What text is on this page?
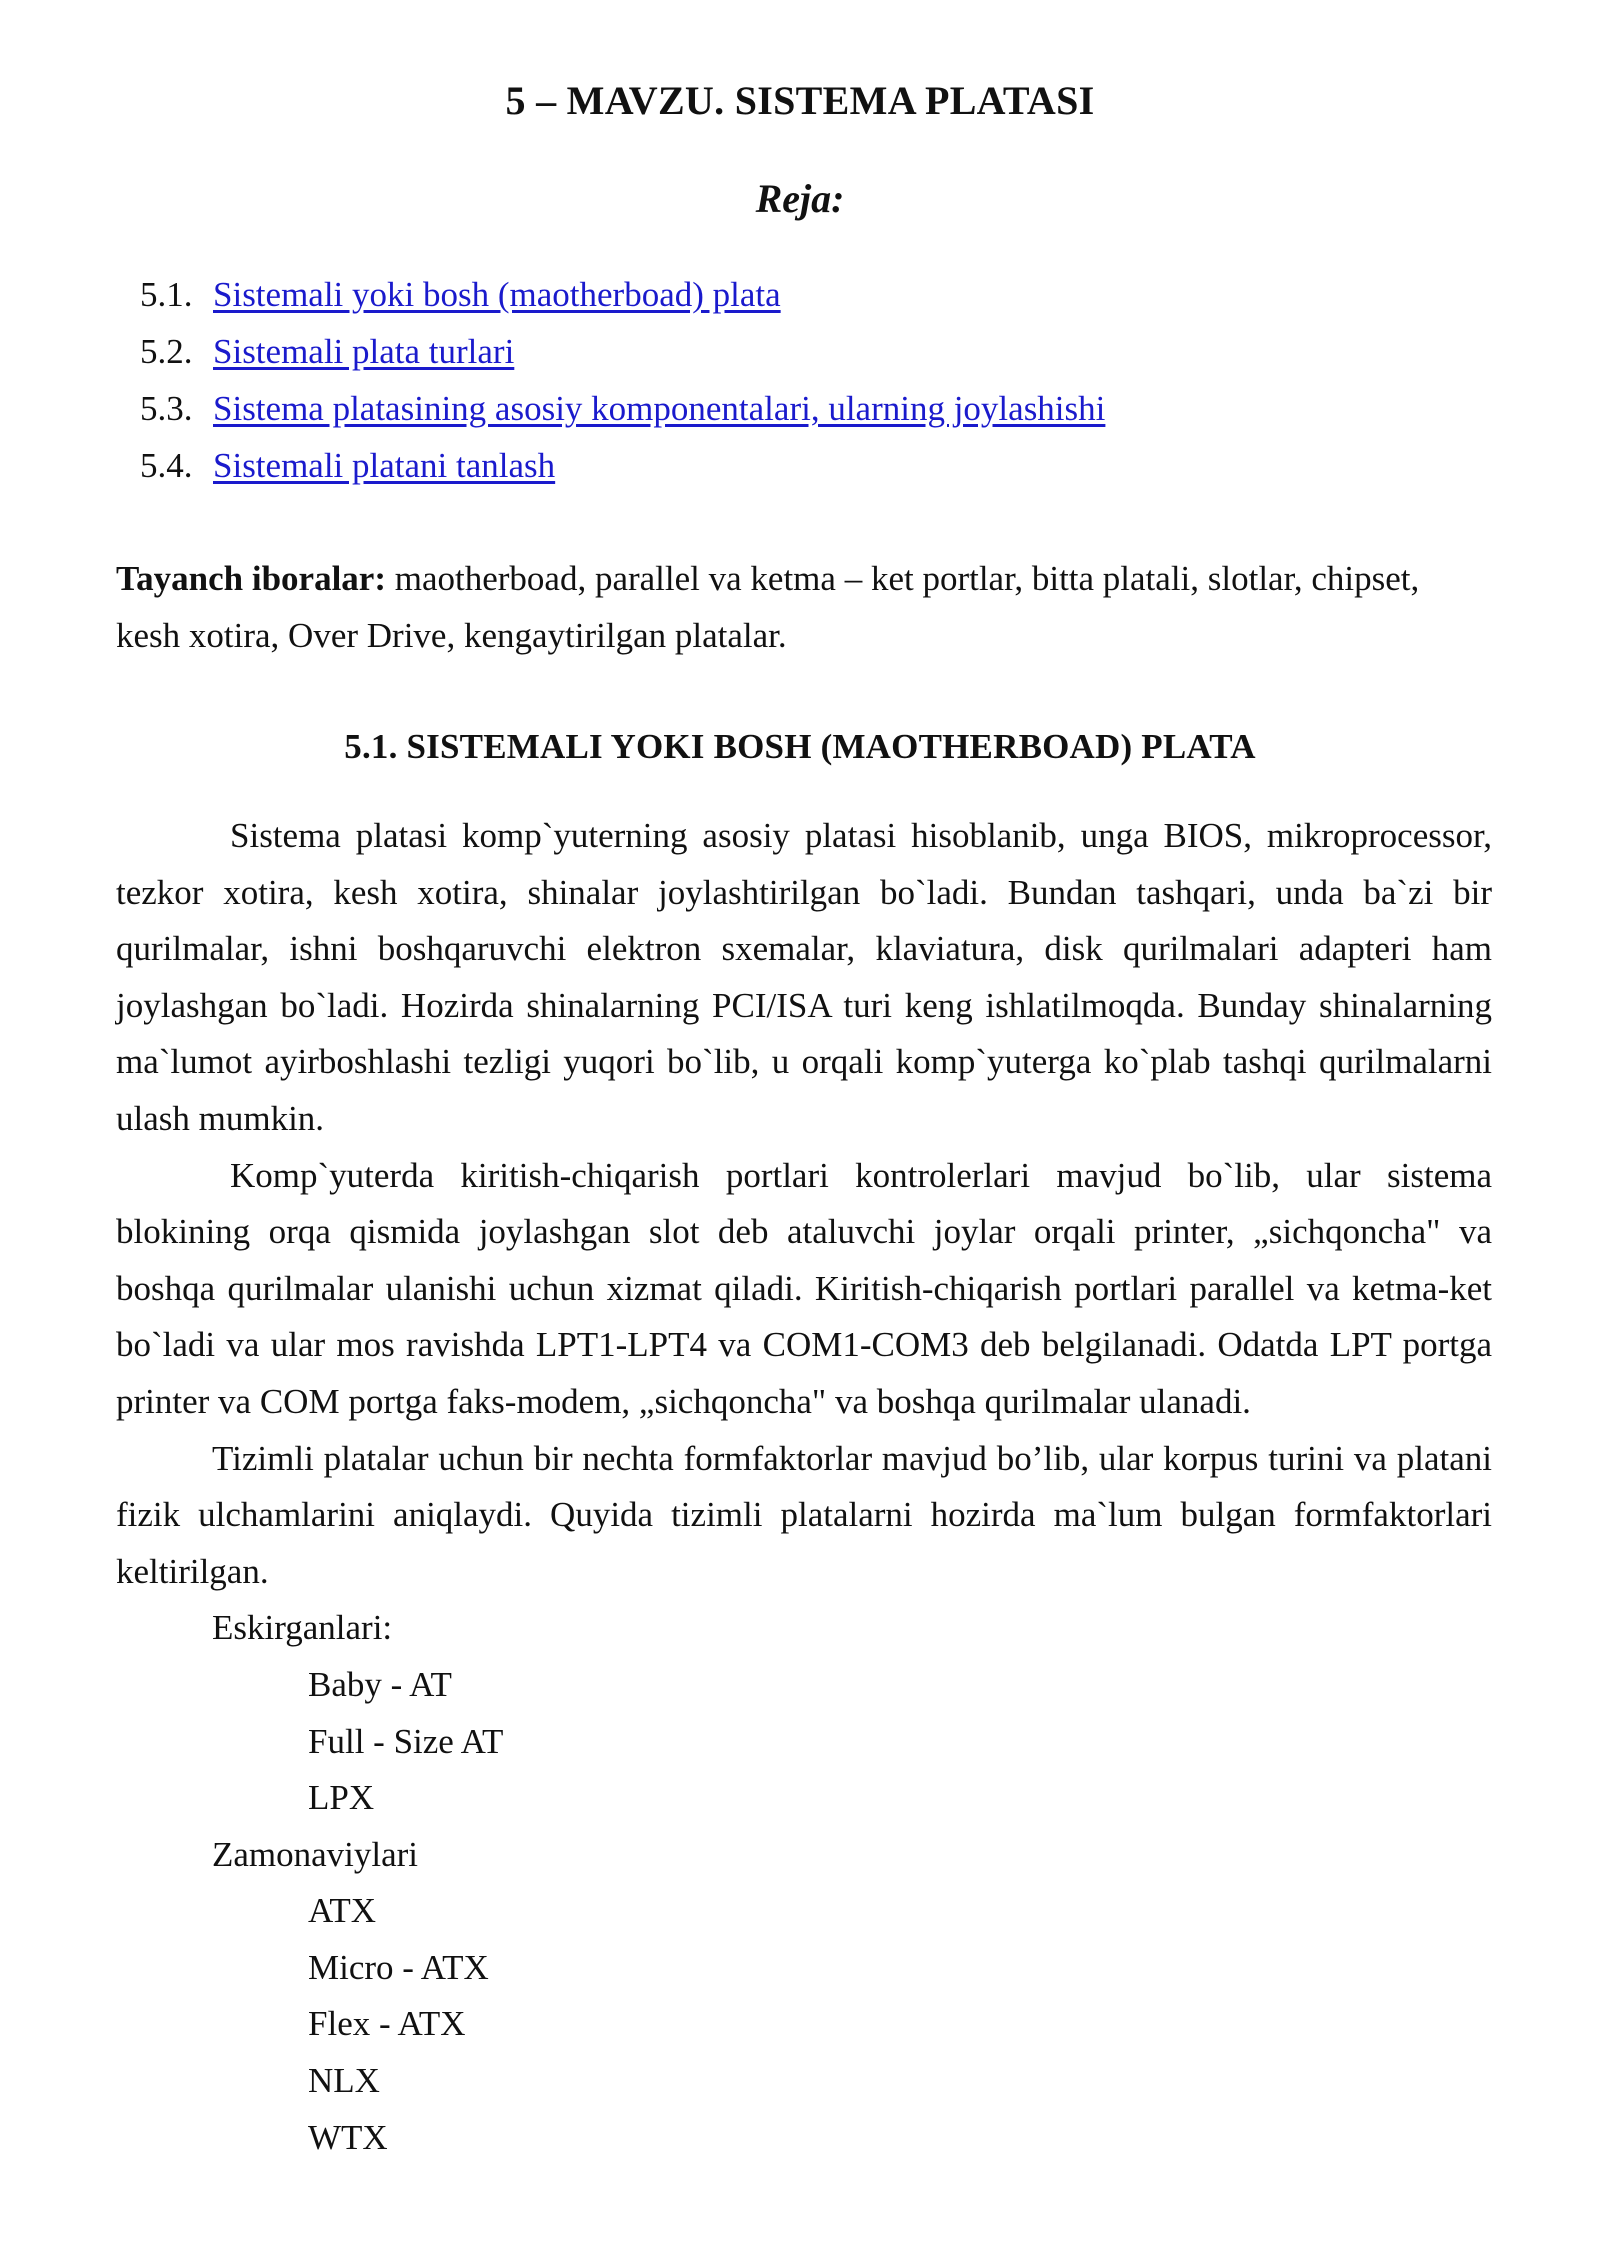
5 – MAVZU. SISTEMA PLATASI
Reja:
5.1. Sistemali yoki bosh (maotherboad) plata
5.2. Sistemali plata turlari
5.3. Sistema platasining asosiy komponentalari, ularning joylashishi
5.4. Sistemali platani tanlash

Tayanch iboralar: maotherboad, parallel va ketma – ket portlar, bitta platali, slotlar, chipset, kesh xotira, Over Drive, kengaytirilgan platalar.

5.1. SISTEMALI YOKI BOSH (MAOTHERBOAD) PLATA

Sistema platasi komp`yuterning asosiy platasi hisoblanib, unga BIOS, mikroprocessor, tezkor xotira, kesh xotira, shinalar joylashtirilgan bo`ladi. Bundan tashqari, unda ba`zi bir qurilmalar, ishni boshqaruvchi elektron sxemalar, klaviatura, disk qurilmalari adapteri ham joylashgan bo`ladi. Hozirda shinalarning PCI/ISA turi keng ishlatilmoqda. Bunday shinalarning ma`lumot ayirboshlashi tezligi yuqori bo`lib, u orqali komp`yuterga ko`plab tashqi qurilmalarni ulash mumkin.

Komp`yuterda kiritish-chiqarish portlari kontrolerlari mavjud bo`lib, ular sistema blokining orqa qismida joylashgan slot deb ataluvchi joylar orqali printer, „sichqoncha" va boshqa qurilmalar ulanishi uchun xizmat qiladi. Kiritish-chiqarish portlari parallel va ketma-ket bo`ladi va ular mos ravishda LPT1-LPT4 va COM1-COM3 deb belgilanadi. Odatda LPT portga printer va COM portga faks-modem, „sichqoncha" va boshqa qurilmalar ulanadi.

Tizimli platalar uchun bir nechta formfaktorlar mavjud bo’lib, ular korpus turini va platani fizik ulchamlarini aniqlaydi. Quyida tizimli platalarni hozirda ma`lum bulgan formfaktorlari keltirilgan.

Eskirganlari:

Baby - AT

Full - Size AT

LPX

Zamonaviylari

ATX

Micro - ATX

Flex - ATX

NLX

WTX
